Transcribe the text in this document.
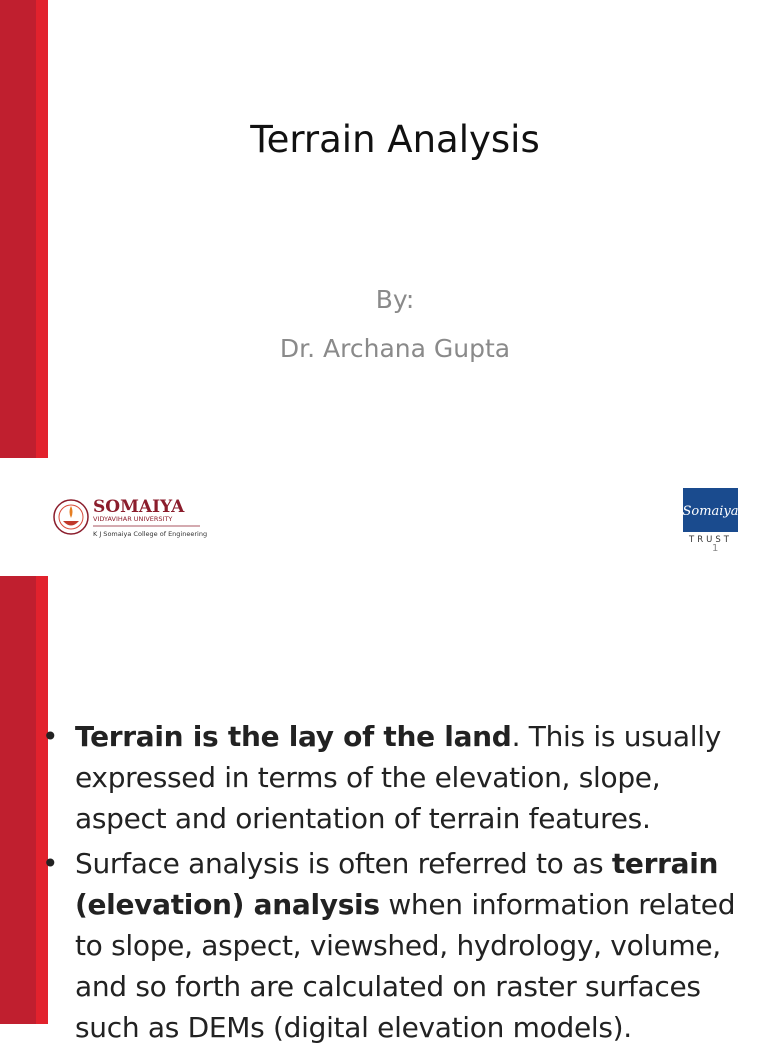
Terrain Analysis
By:
Dr. Archana Gupta
SOMAIYA
VIDYAVIHAR UNIVERSITY
K J Somaiya College of Engineering
Somaiya
TRUST
1
• Terrain is the lay of the land. This is usually expressed in terms of the elevation, slope, aspect and orientation of terrain features.
• Surface analysis is often referred to as terrain (elevation) analysis when information related to slope, aspect, viewshed, hydrology, volume, and so forth are calculated on raster surfaces such as DEMs (digital elevation models).
